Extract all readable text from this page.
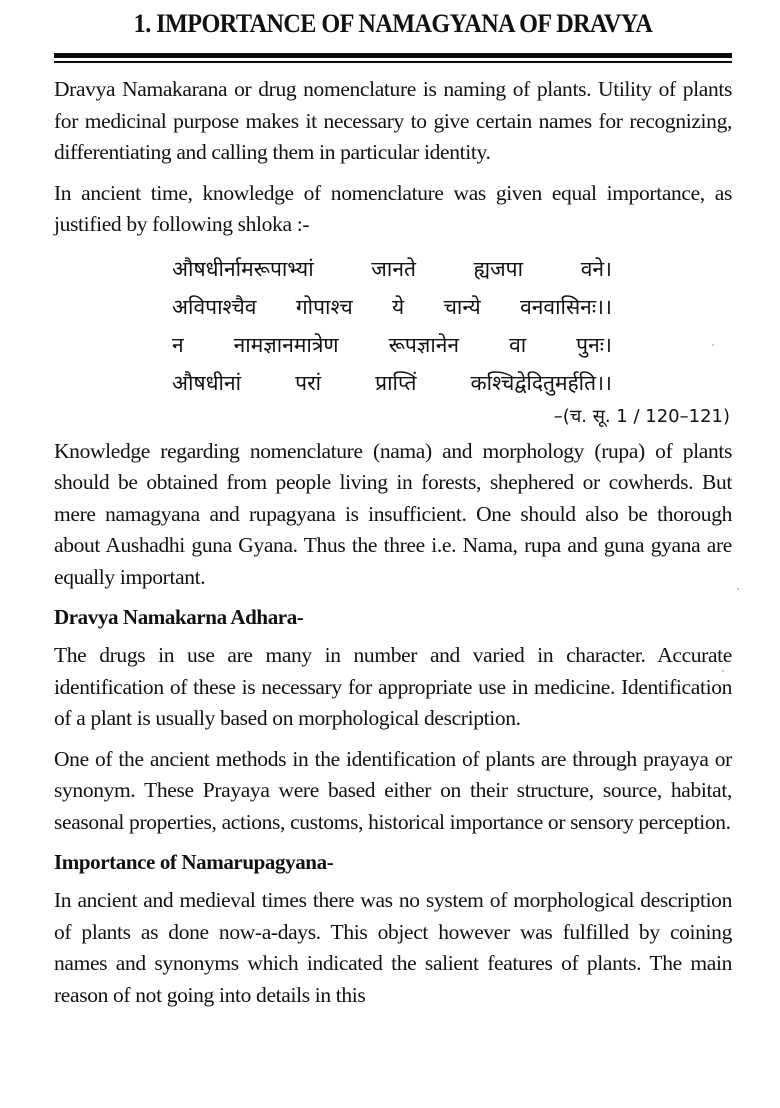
1. IMPORTANCE OF NAMAGYANA OF DRAVYA

Dravya Namakarana or drug nomenclature is naming of plants. Utility of plants for medicinal purpose makes it necessary to give certain names for recognizing, differentiating and calling them in particular identity.

In ancient time, knowledge of nomenclature was given equal importance, as justified by following shloka :-

औषधीर्नामरूपाभ्यां	जानते	ह्यजपा	वने।
अविपाश्चैव गोपाश्च ये चान्ये वनवासिनः।।
न नामज्ञानमात्रेण रूपज्ञानेन वा पुनः।
औषधीनां	परां	प्राप्तिं	कश्चिद्वेदितुमर्हति।।
–(च. सू. 1 / 120–121)

Knowledge regarding nomenclature (nama) and morphology (rupa) of plants should be obtained from people living in forests, shephered or cowherds. But mere namagyana and rupagyana is insufficient. One should also be thorough about Aushadhi guna Gyana. Thus the three i.e. Nama, rupa and guna gyana are equally important.

Dravya Namakarna Adhara-

The drugs in use are many in number and varied in character. Accurate identification of these is necessary for appropriate use in medicine. Identification of a plant is usually based on morphological description.

One of the ancient methods in the identification of plants are through prayaya or synonym. These Prayaya were based either on their structure, source, habitat, seasonal properties, actions, customs, historical importance or sensory perception.

Importance of Namarupagyana-

In ancient and medieval times there was no system of morphological description of plants as done now-a-days. This object however was fulfilled by coining names and synonyms which indicated the salient features of plants. The main reason of not going into details in this
